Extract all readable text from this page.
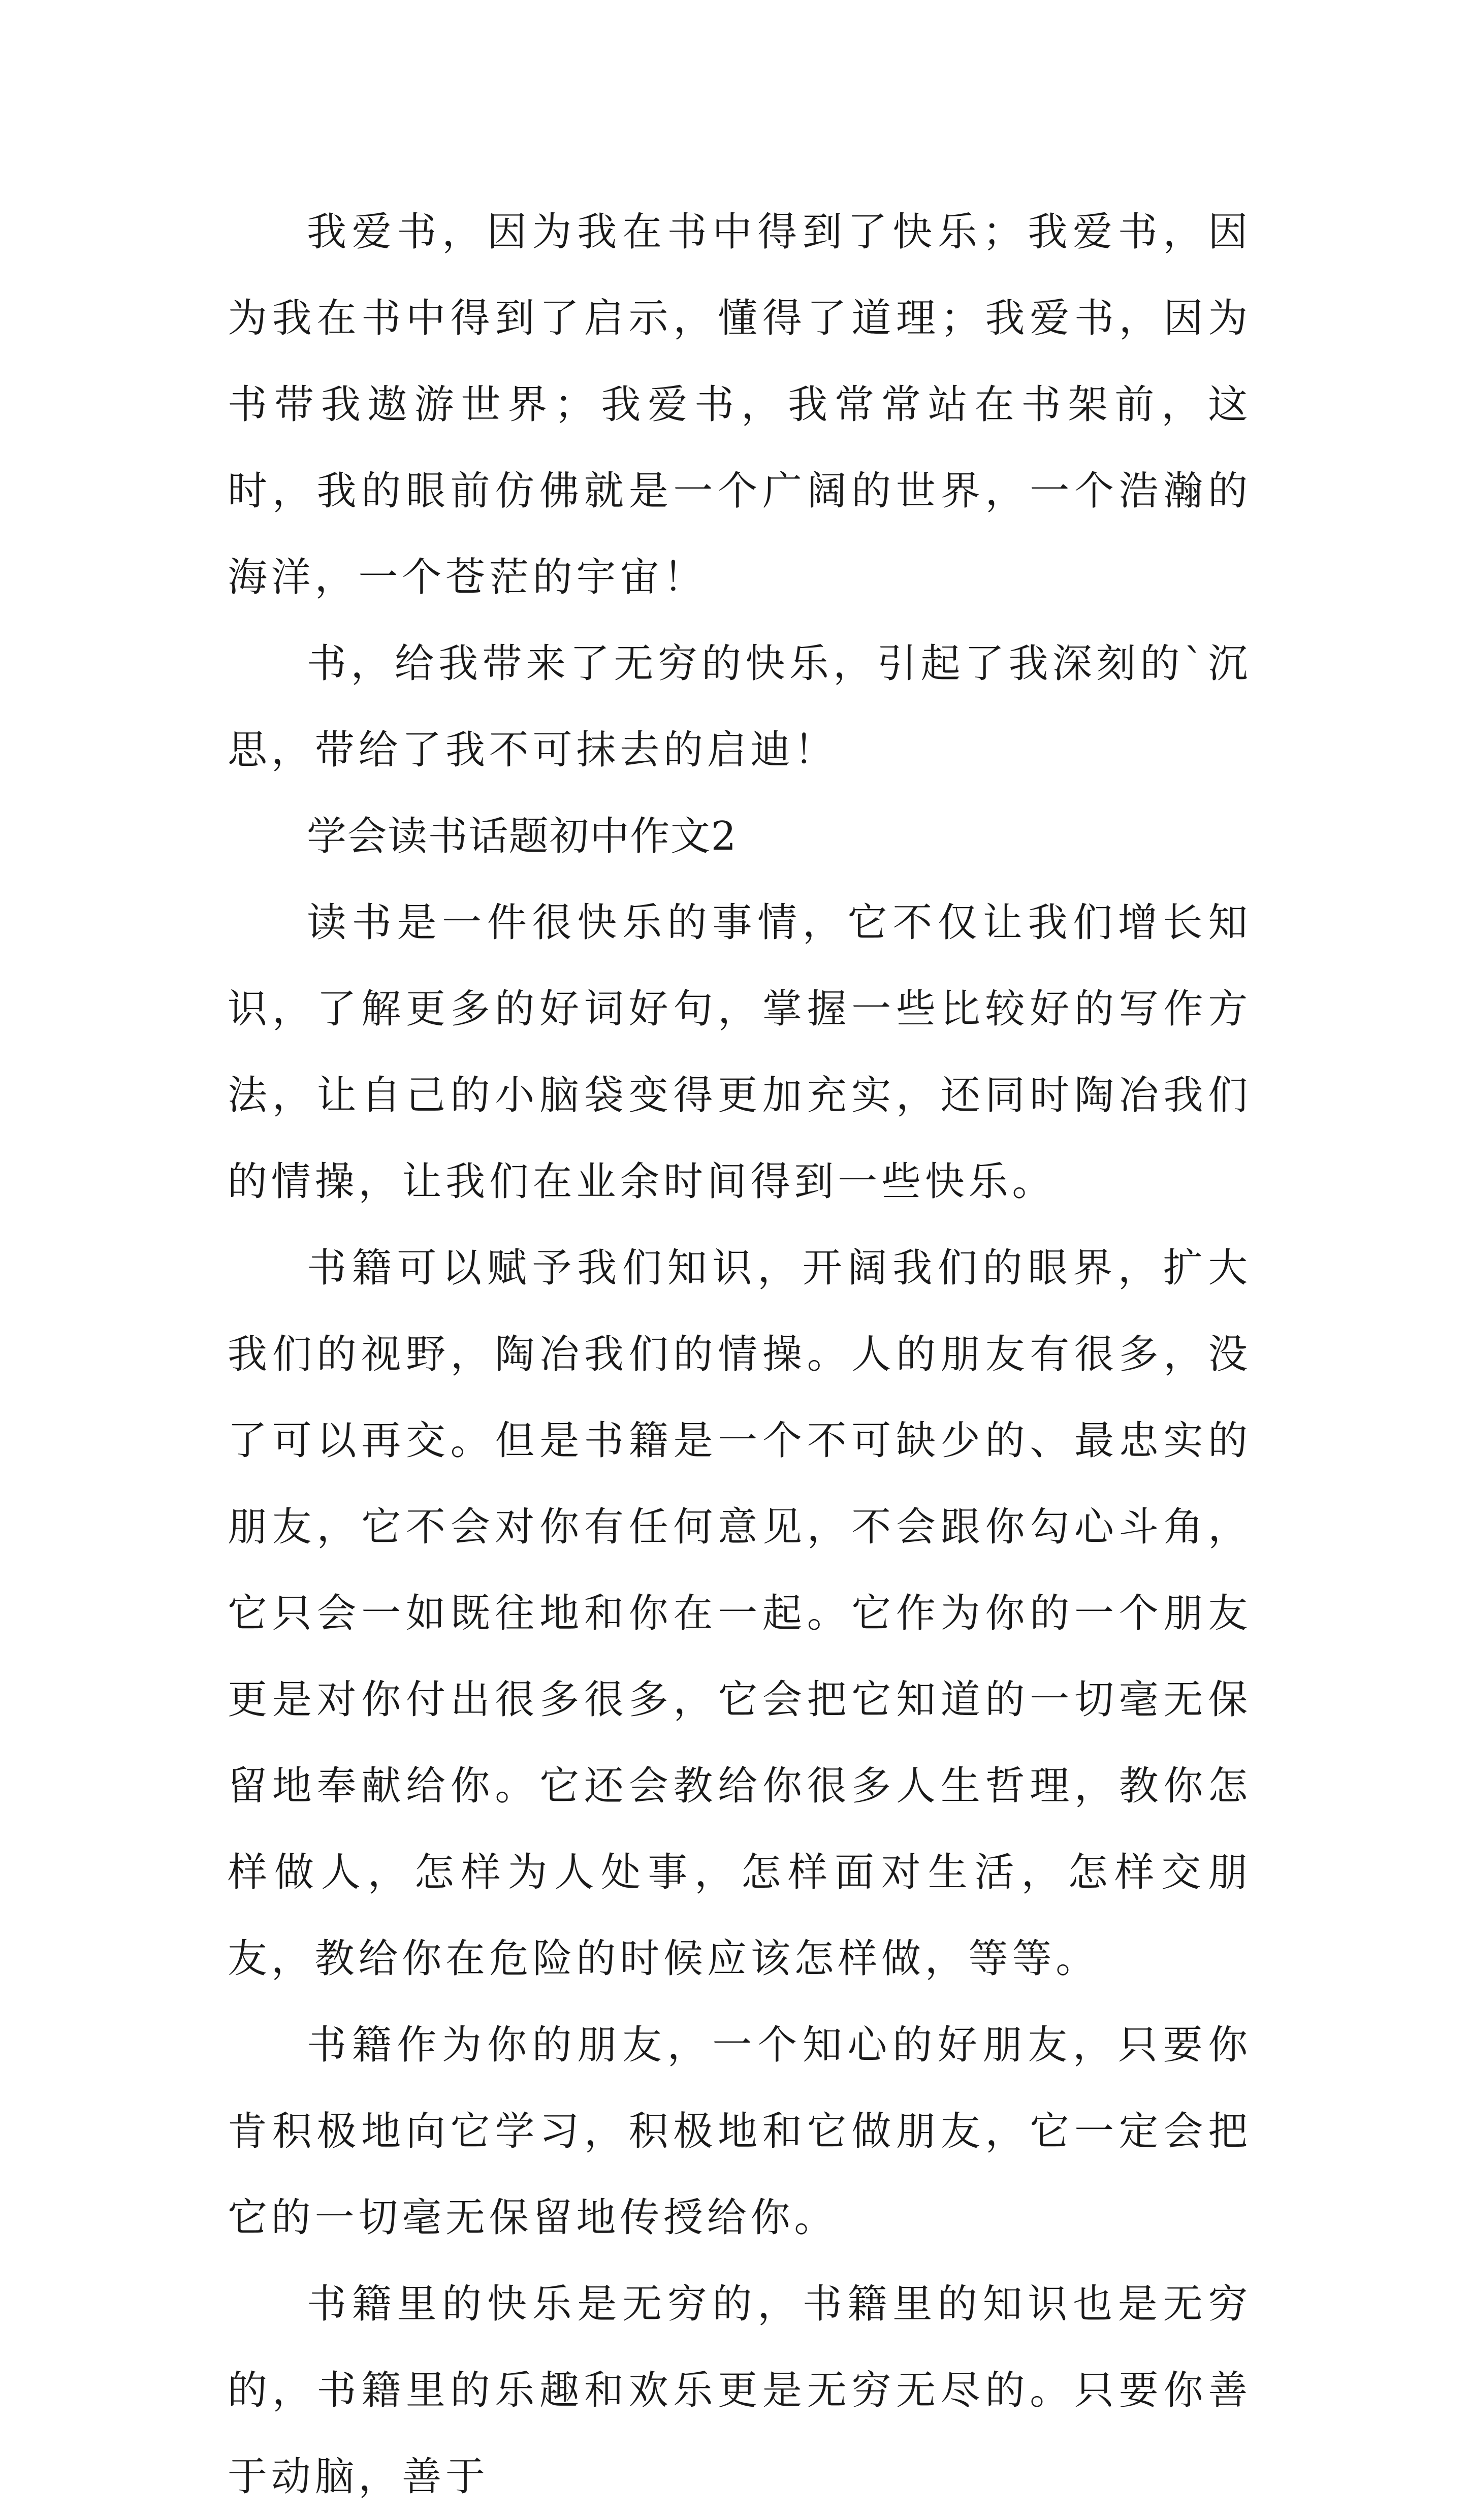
我爱书，因为我在书中得到了快乐；我爱书，因为我在书中得到了启示，懂得了道理；我爱书，因为书带我遨游世界；我爱书，我常常站在书架前，这时，我的眼前仿佛就是一个广阔的世界，一个浩瀚的海洋，一个苍茫的宇宙！

书，给我带来了无穷的快乐，引起了我深刻的`沉思，带给了我不可抹去的启迪！

学会读书话题初中作文2

读书是一件很快乐的事情，它不仅让我们增长知识，了解更多的好词好句，掌握一些比较好的写作方法，让自己的小脑袋变得更加充实，还同时陶冶我们的情操，让我们在业余时间得到一些快乐。

书籍可以赋予我们知识，开阔我们的眼界，扩大我们的视野，陶冶我们的情操。人的朋友有很多，没了可以再交。但是书籍是一个不可缺少的、最忠实的朋友，它不会对你有任何意见，不会跟你勾心斗角，它只会一如既往地和你在一起。它作为你的一个朋友更是对你付出很多很多，它会把它知道的一切毫无保留地奉献给你。它还会教给你很多人生哲理，教你怎样做人，怎样为人处事，怎样面对生活，怎样交朋友，教给你在危险的时候应该怎样做，等等。

书籍作为你的朋友，一个知心的好朋友，只要你肯积极地向它学习，积极地和它做朋友，它一定会把它的一切毫无保留地传授给你。

书籍里的快乐是无穷的，书籍里的知识也是无穷的，书籍里的乐趣和欢乐更是无穷无尽的。只要你善于动脑，善于
